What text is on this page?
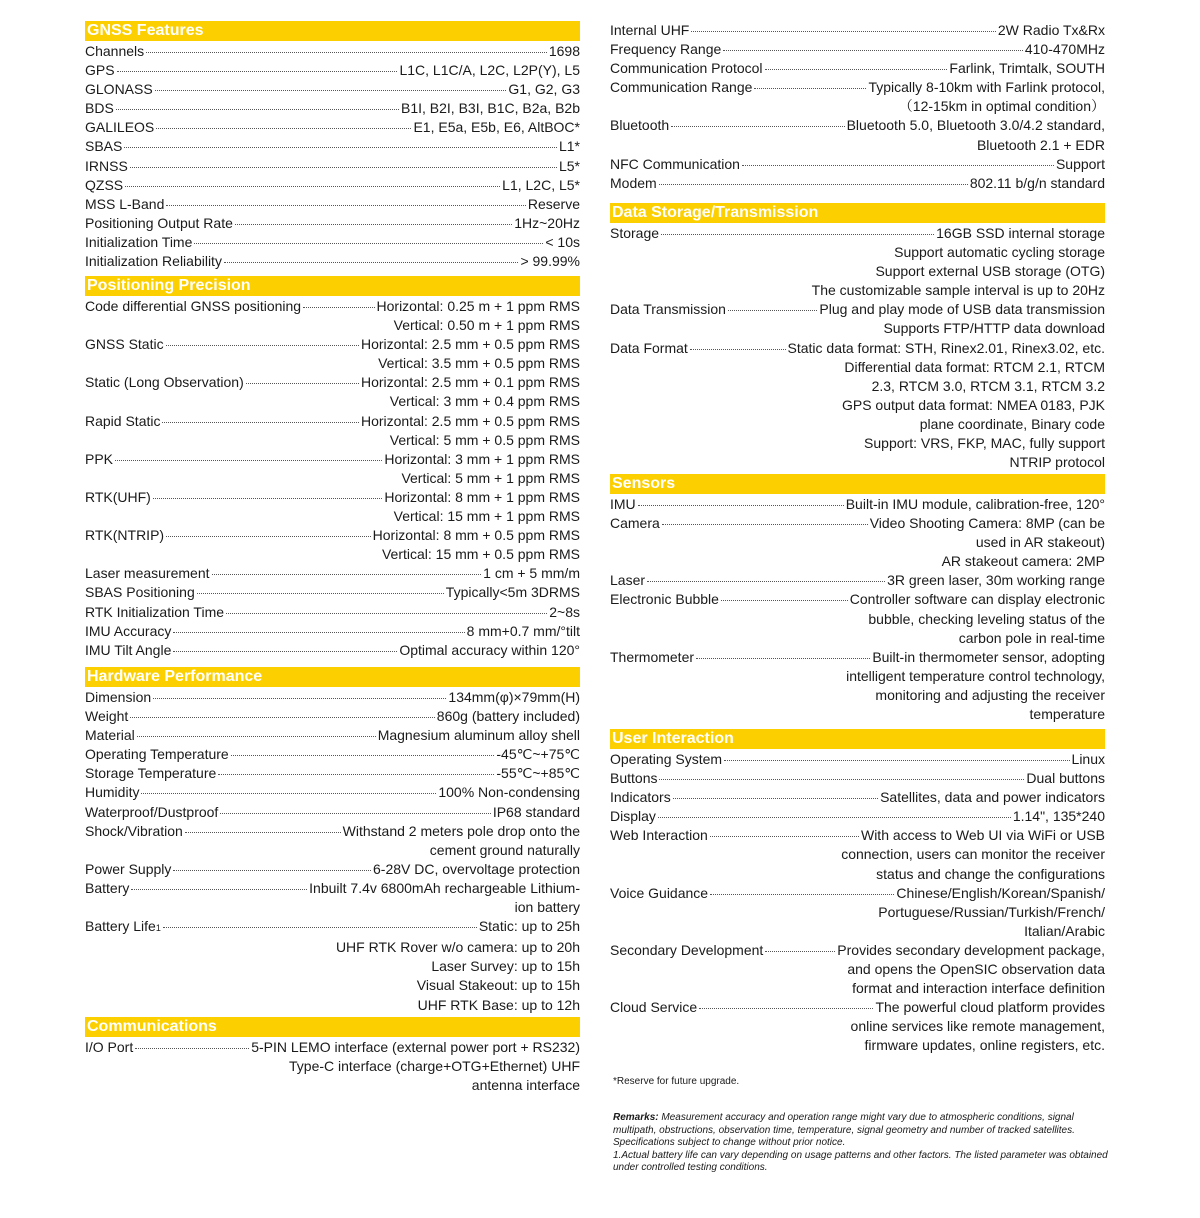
GNSS Features
Channels	1698
GPS	L1C, L1C/A, L2C, L2P(Y), L5
GLONASS	G1, G2, G3
BDS	B1I, B2I, B3I, B1C, B2a, B2b
GALILEOS	E1, E5a, E5b, E6, AltBOC*
SBAS	L1*
IRNSS	L5*
QZSS	L1, L2C, L5*
MSS L-Band	Reserve
Positioning Output Rate	1Hz~20Hz
Initialization Time	< 10s
Initialization Reliability	> 99.99%
Positioning Precision
Code differential GNSS positioning	Horizontal: 0.25 m + 1 ppm RMS
Vertical: 0.50 m + 1 ppm RMS
GNSS Static	Horizontal: 2.5 mm + 0.5 ppm RMS
Vertical: 3.5 mm + 0.5 ppm RMS
Static (Long Observation)	Horizontal: 2.5 mm + 0.1 ppm RMS
Vertical: 3 mm + 0.4 ppm RMS
Rapid Static	Horizontal: 2.5 mm + 0.5 ppm RMS
Vertical: 5 mm + 0.5 ppm RMS
PPK	Horizontal: 3 mm + 1 ppm RMS
Vertical: 5 mm + 1 ppm RMS
RTK(UHF)	Horizontal: 8 mm + 1 ppm RMS
Vertical: 15 mm + 1 ppm RMS
RTK(NTRIP)	Horizontal: 8 mm + 0.5 ppm RMS
Vertical: 15 mm + 0.5 ppm RMS
Laser measurement	1 cm + 5 mm/m
SBAS Positioning	Typically<5m 3DRMS
RTK Initialization Time	2~8s
IMU Accuracy	8 mm+0.7 mm/°tilt
IMU Tilt Angle	Optimal accuracy within 120°
Hardware Performance
Dimension	134mm(φ)×79mm(H)
Weight	860g (battery included)
Material	Magnesium aluminum alloy shell
Operating Temperature	-45℃~+75℃
Storage Temperature	-55℃~+85℃
Humidity	100% Non-condensing
Waterproof/Dustproof	IP68 standard
Shock/Vibration	Withstand 2 meters pole drop onto the
cement ground naturally
Power Supply	6-28V DC, overvoltage protection
Battery	Inbuilt 7.4v 6800mAh rechargeable Lithium-
ion battery
Battery Life 1	Static: up to 25h
UHF RTK Rover w/o camera: up to 20h
Laser Survey: up to 15h
Visual Stakeout: up to 15h
UHF RTK Base: up to 12h
Communications
I/O Port	5-PIN LEMO interface (external power port + RS232)
Type-C interface (charge+OTG+Ethernet) UHF
antenna interface
Internal UHF	2W Radio Tx&Rx
Frequency Range	410-470MHz
Communication Protocol	Farlink, Trimtalk, SOUTH
Communication Range	Typically 8-10km with Farlink protocol,
（12-15km in optimal condition）
Bluetooth	Bluetooth 5.0, Bluetooth 3.0/4.2 standard,
Bluetooth 2.1 + EDR
NFC Communication	Support
Modem	802.11 b/g/n standard
Data Storage/Transmission
Storage	16GB SSD internal storage
Support automatic cycling storage
Support external USB storage (OTG)
The customizable sample interval is up to 20Hz
Data Transmission	Plug and play mode of USB data transmission
Supports FTP/HTTP data download
Data Format	Static data format: STH, Rinex2.01, Rinex3.02, etc.
Differential data format: RTCM 2.1, RTCM
2.3, RTCM 3.0, RTCM 3.1, RTCM 3.2
GPS output data format: NMEA 0183, PJK
plane coordinate, Binary code
Support: VRS, FKP, MAC, fully support
NTRIP protocol
Sensors
IMU	Built-in IMU module, calibration-free, 120°
Camera	Video Shooting Camera: 8MP (can be
used in AR stakeout)
AR stakeout camera: 2MP
Laser	3R green laser, 30m working range
Electronic Bubble	Controller software can display electronic
bubble, checking leveling status of the
carbon pole in real-time
Thermometer	Built-in thermometer sensor, adopting
intelligent temperature control technology,
monitoring and adjusting the receiver
temperature
User Interaction
Operating System	Linux
Buttons	Dual buttons
Indicators	Satellites, data and power indicators
Display	1.14", 135*240
Web Interaction	With access to Web UI via WiFi or USB
connection, users can monitor the receiver
status and change the configurations
Voice Guidance	Chinese/English/Korean/Spanish/
Portuguese/Russian/Turkish/French/
Italian/Arabic
Secondary Development	Provides secondary development package,
and opens the OpenSIC observation data
format and interaction interface definition
Cloud Service	The powerful cloud platform provides
online services like remote management,
firmware updates, online registers, etc.
*Reserve for future upgrade.
Remarks: Measurement accuracy and operation range might vary due to atmospheric conditions, signal multipath, obstructions, observation time, temperature, signal geometry and number of tracked satellites. Specifications subject to change without prior notice.
1.Actual battery life can vary depending on usage patterns and other factors. The listed parameter was obtained under controlled testing conditions.
